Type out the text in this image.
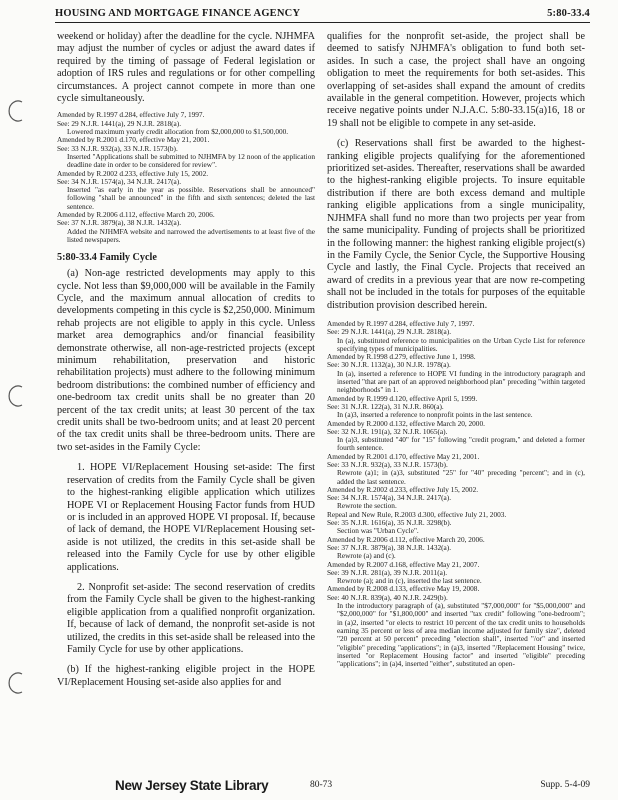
HOUSING AND MORTGAGE FINANCE AGENCY	5:80-33.4

weekend or holiday) after the deadline for the cycle. NJHMFA may adjust the number of cycles or adjust the award dates if required by the timing of passage of Federal legislation or adoption of IRS rules and regulations or for other compelling circumstances. A project cannot compete in more than one cycle simultaneously.

Amended by R.1997 d.284, effective July 7, 1997.

See: 29 N.J.R. 1441(a), 29 N.J.R. 2818(a).

Lowered maximum yearly credit allocation from $2,000,000 to $1,500,000.

Amended by R.2001 d.170, effective May 21, 2001.

See: 33 N.J.R. 932(a), 33 N.J.R. 1573(b).

Inserted "Applications shall be submitted to NJHMFA by 12 noon of the application deadline date in order to be considered for review".

Amended by R.2002 d.233, effective July 15, 2002.

See: 34 N.J.R. 1574(a), 34 N.J.R. 2417(a).

Inserted "as early in the year as possible. Reservations shall be announced" following "shall be announced" in the fifth and sixth sentences; deleted the last sentence.

Amended by R.2006 d.112, effective March 20, 2006.

See: 37 N.J.R. 3879(a), 38 N.J.R. 1432(a).

Added the NJHMFA website and narrowed the advertisements to at least five of the listed newspapers.

5:80-33.4 Family Cycle

(a) Non-age restricted developments may apply to this cycle. Not less than $9,000,000 will be available in the Family Cycle, and the maximum annual allocation of credits to developments competing in this cycle is $2,250,000. Minimum rehab projects are not eligible to apply in this cycle. Unless market area demographics and/or financial feasibility demonstrate otherwise, all non-age-restricted projects (except minimum rehabilitation, preservation and historic rehabilitation projects) must adhere to the following minimum bedroom distributions: the combined number of efficiency and one-bedroom tax credit units shall be no greater than 20 percent of the tax credit units; at least 30 percent of the tax credit units shall be two-bedroom units; and at least 20 percent of the tax credit units shall be three-bedroom units. There are two set-asides in the Family Cycle:

1. HOPE VI/Replacement Housing set-aside: The first reservation of credits from the Family Cycle shall be given to the highest-ranking eligible application which utilizes HOPE VI or Replacement Housing Factor funds from HUD or is included in an approved HOPE VI proposal. If, because of lack of demand, the HOPE VI/Replacement Housing set-aside is not utilized, the credits in this set-aside shall be released into the Family Cycle for use by other eligible applications.

2. Nonprofit set-aside: The second reservation of credits from the Family Cycle shall be given to the highest-ranking eligible application from a qualified nonprofit organization. If, because of lack of demand, the nonprofit set-aside is not utilized, the credits in this set-aside shall be released into the Family Cycle for use by other applications.

(b) If the highest-ranking eligible project in the HOPE VI/Replacement Housing set-aside also applies for and

qualifies for the nonprofit set-aside, the project shall be deemed to satisfy NJHMFA's obligation to fund both set-asides. In such a case, the project shall have an ongoing obligation to meet the requirements for both set-asides. This overlapping of set-asides shall expand the amount of credits available in the general competition. However, projects which receive negative points under N.J.A.C. 5:80-33.15(a)16, 18 or 19 shall not be eligible to compete in any set-aside.

(c) Reservations shall first be awarded to the highest-ranking eligible projects qualifying for the aforementioned prioritized set-asides. Thereafter, reservations shall be awarded to the highest-ranking eligible projects. To insure equitable distribution if there are both excess demand and multiple ranking eligible applications from a single municipality, NJHMFA shall fund no more than two projects per year from the same municipality. Funding of projects shall be prioritized in the following manner: the highest ranking eligible project(s) in the Family Cycle, the Senior Cycle, the Supportive Housing Cycle and lastly, the Final Cycle. Projects that received an award of credits in a previous year that are now re-competing shall not be included in the totals for purposes of the equitable distribution provision described herein.

Amended by R.1997 d.284, effective July 7, 1997.

See: 29 N.J.R. 1441(a), 29 N.J.R. 2818(a).

In (a), substituted reference to municipalities on the Urban Cycle List for reference specifying types of municipalities.

Amended by R.1998 d.279, effective June 1, 1998.

See: 30 N.J.R. 1132(a), 30 N.J.R. 1978(a).

In (a), inserted a reference to HOPE VI funding in the introductory paragraph and inserted "that are part of an approved neighborhood plan" preceding "within targeted neighborhoods" in 1.

Amended by R.1999 d.120, effective April 5, 1999.

See: 31 N.J.R. 122(a), 31 N.J.R. 860(a).

In (a)3, inserted a reference to nonprofit points in the last sentence.

Amended by R.2000 d.132, effective March 20, 2000.

See: 32 N.J.R. 191(a), 32 N.J.R. 1065(a).

In (a)3, substituted "40" for "15" following "credit program," and deleted a former fourth sentence.

Amended by R.2001 d.170, effective May 21, 2001.

See: 33 N.J.R. 932(a), 33 N.J.R. 1573(b).

Rewrote (a)1; in (a)3, substituted "25" for "40" preceding "percent"; and in (c), added the last sentence.

Amended by R.2002 d.233, effective July 15, 2002.

See: 34 N.J.R. 1574(a), 34 N.J.R. 2417(a).

Rewrote the section.

Repeal and New Rule, R.2003 d.300, effective July 21, 2003.

See: 35 N.J.R. 1616(a), 35 N.J.R. 3298(b).

Section was "Urban Cycle".

Amended by R.2006 d.112, effective March 20, 2006.

See: 37 N.J.R. 3879(a), 38 N.J.R. 1432(a).

Rewrote (a) and (c).

Amended by R.2007 d.168, effective May 21, 2007.

See: 39 N.J.R. 281(a), 39 N.J.R. 2011(a).

Rewrote (a); and in (c), inserted the last sentence.

Amended by R.2008 d.133, effective May 19, 2008.

See: 40 N.J.R. 839(a), 40 N.J.R. 2429(b).

In the introductory paragraph of (a), substituted "$7,000,000" for "$5,000,000" and "$2,000,000" for "$1,800,000" and inserted "tax credit" following "one-bedroom"; in (a)2, inserted "or elects to restrict 10 percent of the tax credit units to households earning 35 percent or less of area median income adjusted for family size", deleted "20 percent at 50 percent" preceding "election shall", inserted "/or" and inserted "eligible" preceding "applications"; in (a)3, inserted "/Replacement Housing" twice, inserted "or Replacement Housing factor" and inserted "eligible" preceding "applications"; in (a)4, inserted "either", substituted an open-

New Jersey State Library	80-73	Supp. 5-4-09
